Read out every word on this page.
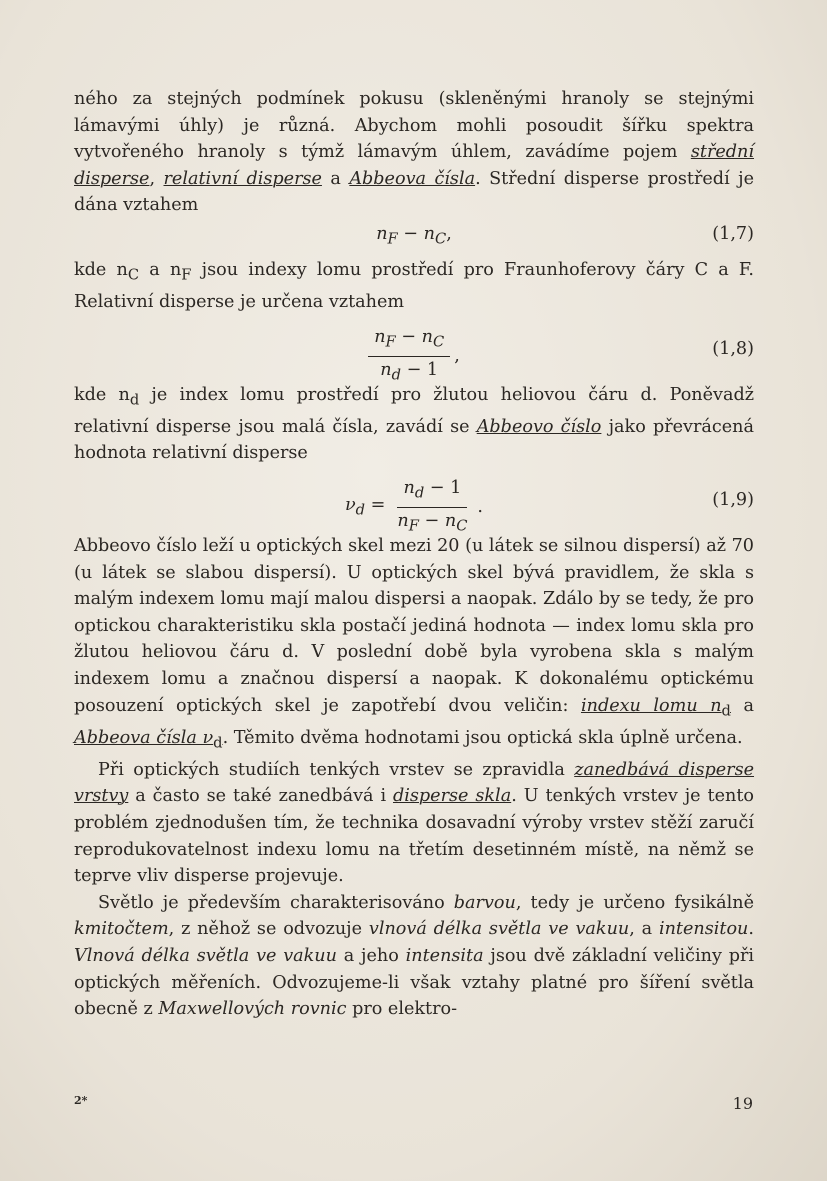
ného za stejných podmínek pokusu (skleněnými hranoly se stejnými lámavými úhly) je různá. Abychom mohli posoudit šířku spektra vytvořeného hranoly s týmž lámavým úhlem, zavádíme pojem střední disperse, relativní disperse a Abbeova čísla. Střední disperse prostředí je dána vztahem

$n_F - n_C$,	(1,7)

kde $n_C$ a $n_F$ jsou indexy lomu prostředí pro Fraunhoferovy čáry C a F. Relativní disperse je určena vztahem

$\frac{n_F - n_C}{n_d - 1}$ ,	(1,8)

kde $n_d$ je index lomu prostředí pro žlutou heliovou čáru d. Poněvadž relativní disperse jsou malá čísla, zavádí se Abbeovo číslo jako převrácená hodnota relativní disperse

$\nu_d = \frac{n_d - 1}{n_F - n_C}$ .	(1,9)

Abbeovo číslo leží u optických skel mezi 20 (u látek se silnou dispersí) až 70 (u látek se slabou dispersí). U optických skel bývá pravidlem, že skla s malým indexem lomu mají malou dispersi a naopak. Zdálo by se tedy, že pro optickou charakteristiku skla postačí jediná hodnota — index lomu skla pro žlutou heliovou čáru d. V poslední době byla vyrobena skla s malým indexem lomu a značnou dispersí a naopak. K dokonalému optickému posouzení optických skel je zapotřebí dvou veličin: indexu lomu $n_d$ a Abbeova čísla $\nu_d$. Těmito dvěma hodnotami jsou optická skla úplně určena.

Při optických studiích tenkých vrstev se zpravidla zanedbává disperse vrstvy a často se také zanedbává i disperse skla. U tenkých vrstev je tento problém zjednodušen tím, že technika dosavadní výroby vrstev stěží zaručí reprodukovatelnost indexu lomu na třetím desetinném místě, na němž se teprve vliv disperse projevuje.

Světlo je především charakterisováno barvou, tedy je určeno fysikálně kmitočtem, z něhož se odvozuje vlnová délka světla ve vakuu, a intensitou. Vlnová délka světla ve vakuu a jeho intensita jsou dvě základní veličiny při optických měřeních. Odvozujeme-li však vztahy platné pro šíření světla obecně z Maxwellových rovnic pro elektro-

2*	19
